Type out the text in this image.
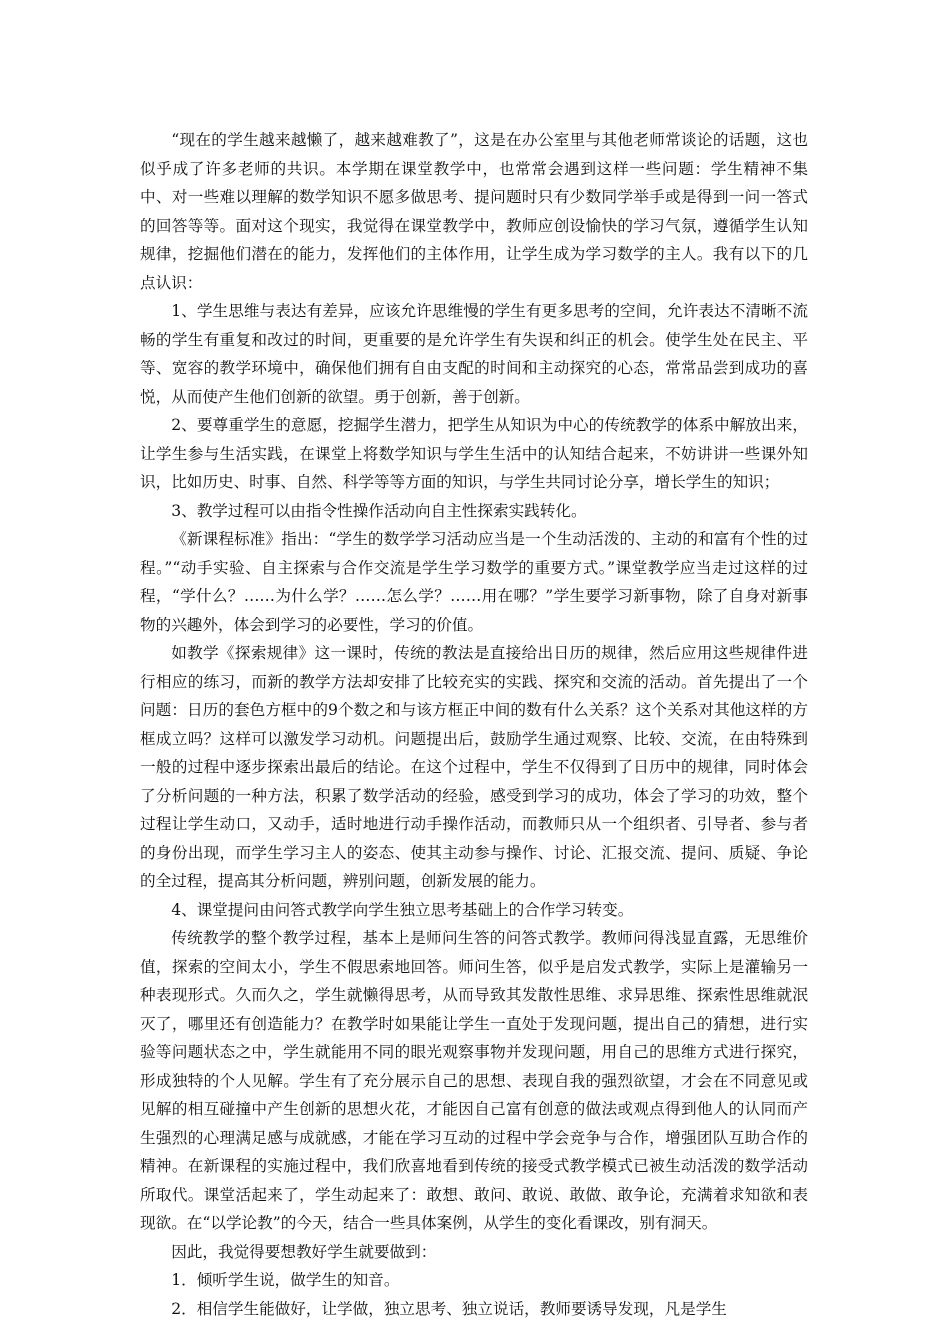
“现在的学生越来越懒了，越来越难教了”，这是在办公室里与其他老师常谈论的话题，这也似乎成了许多老师的共识。本学期在课堂教学中，也常常会遇到这样一些问题：学生精神不集中、对一些难以理解的数学知识不愿多做思考、提问题时只有少数同学举手或是得到一问一答式的回答等等。面对这个现实，我觉得在课堂教学中，教师应创设愉快的学习气氛，遵循学生认知规律，挖掘他们潜在的能力，发挥他们的主体作用，让学生成为学习数学的主人。我有以下的几点认识：

1、学生思维与表达有差异，应该允许思维慢的学生有更多思考的空间，允许表达不清晰不流畅的学生有重复和改过的时间，更重要的是允许学生有失误和纠正的机会。使学生处在民主、平等、宽容的教学环境中，确保他们拥有自由支配的时间和主动探究的心态，常常品尝到成功的喜悦，从而使产生他们创新的欲望。勇于创新，善于创新。

2、要尊重学生的意愿，挖掘学生潜力，把学生从知识为中心的传统教学的体系中解放出来，让学生参与生活实践，在课堂上将数学知识与学生生活中的认知结合起来，不妨讲讲一些课外知识，比如历史、时事、自然、科学等等方面的知识，与学生共同讨论分享，增长学生的知识；

3、教学过程可以由指令性操作活动向自主性探索实践转化。

《新课程标准》指出：“学生的数学学习活动应当是一个生动活泼的、主动的和富有个性的过程。”“动手实验、自主探索与合作交流是学生学习数学的重要方式。”课堂教学应当走过这样的过程，“学什么？……为什么学？……怎么学？……用在哪？”学生要学习新事物，除了自身对新事物的兴趣外，体会到学习的必要性，学习的价值。

如教学《探索规律》这一课时，传统的教法是直接给出日历的规律，然后应用这些规律件进行相应的练习，而新的教学方法却安排了比较充实的实践、探究和交流的活动。首先提出了一个问题：日历的套色方框中的9个数之和与该方框正中间的数有什么关系？这个关系对其他这样的方框成立吗？这样可以激发学习动机。问题提出后，鼓励学生通过观察、比较、交流，在由特殊到一般的过程中逐步探索出最后的结论。在这个过程中，学生不仅得到了日历中的规律，同时体会了分析问题的一种方法，积累了数学活动的经验，感受到学习的成功，体会了学习的功效，整个过程让学生动口，又动手，适时地进行动手操作活动，而教师只从一个组织者、引导者、参与者的身份出现，而学生学习主人的姿态、使其主动参与操作、讨论、汇报交流、提问、质疑、争论的全过程，提高其分析问题，辨别问题，创新发展的能力。

4、课堂提问由问答式教学向学生独立思考基础上的合作学习转变。

传统教学的整个教学过程，基本上是师问生答的问答式教学。教师问得浅显直露，无思维价值，探索的空间太小，学生不假思索地回答。师问生答，似乎是启发式教学，实际上是灌输另一种表现形式。久而久之，学生就懒得思考，从而导致其发散性思维、求异思维、探索性思维就泯灭了，哪里还有创造能力？在教学时如果能让学生一直处于发现问题，提出自己的猜想，进行实验等问题状态之中，学生就能用不同的眼光观察事物并发现问题，用自己的思维方式进行探究，形成独特的个人见解。学生有了充分展示自己的思想、表现自我的强烈欲望，才会在不同意见或见解的相互碰撞中产生创新的思想火花，才能因自己富有创意的做法或观点得到他人的认同而产生强烈的心理满足感与成就感，才能在学习互动的过程中学会竞争与合作，增强团队互助合作的精神。在新课程的实施过程中，我们欣喜地看到传统的接受式教学模式已被生动活泼的数学活动所取代。课堂活起来了，学生动起来了：敢想、敢问、敢说、敢做、敢争论，充满着求知欲和表现欲。在“以学论教”的今天，结合一些具体案例，从学生的变化看课改，别有洞天。

因此，我觉得要想教好学生就要做到：

1．倾听学生说，做学生的知音。

2．相信学生能做好，让学做，独立思考、独立说话，教师要诱导发现，凡是学生
